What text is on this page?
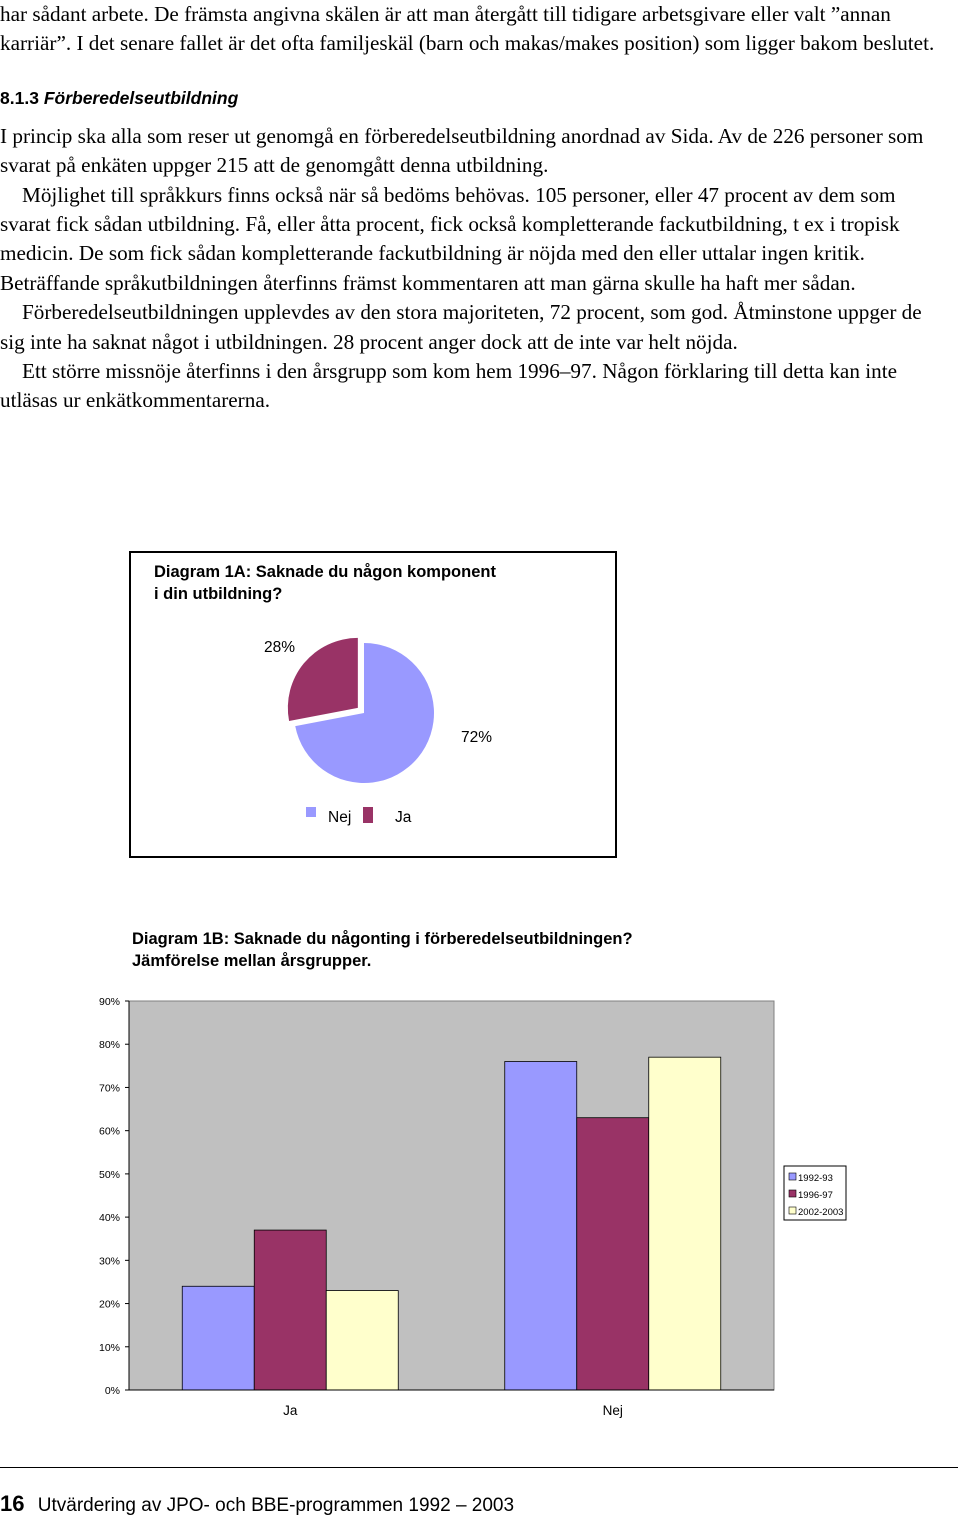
har sådant arbete. De främsta angivna skälen är att man återgått till tidigare arbetsgivare eller valt ”annan karriär”. I det senare fallet är det ofta familjeskäl (barn och makas/makes position) som ligger bakom beslutet.

8.1.3 Förberedelseutbildning

I princip ska alla som reser ut genomgå en förberedelseutbildning anordnad av Sida. Av de 226 personer som svarat på enkäten uppger 215 att de genomgått denna utbildning.

Möjlighet till språkkurs finns också när så bedöms behövas. 105 personer, eller 47 procent av dem som svarat fick sådan utbildning. Få, eller åtta procent, fick också kompletterande fackutbildning, t ex i tropisk medicin. De som fick sådan kompletterande fackutbildning är nöjda med den eller uttalar ingen kritik. Beträffande språkutbildningen återfinns främst kommentaren att man gärna skulle ha haft mer sådan.

Förberedelseutbildningen upplevdes av den stora majoriteten, 72 procent, som god. Åtminstone uppger de sig inte ha saknat något i utbildningen. 28 procent anger dock att de inte var helt nöjda.

Ett större missnöje återfinns i den årsgrupp som kom hem 1996–97. Någon förklaring till detta kan inte utläsas ur enkätkommentarerna.

Diagram 1A: Saknade du någon komponent
i din utbildning?
28%
72%
Nej	Ja
Diagram 1B: Saknade du någonting i förberedelseutbildningen?
Jämförelse mellan årsgrupper.
0%
10%
20%
30%
40%
50%
60%
70%
80%
90%
Ja	Nej
1992-93
1996-97
2002-2003
16 Utvärdering av JPO- och BBE-programmen 1992 – 2003
